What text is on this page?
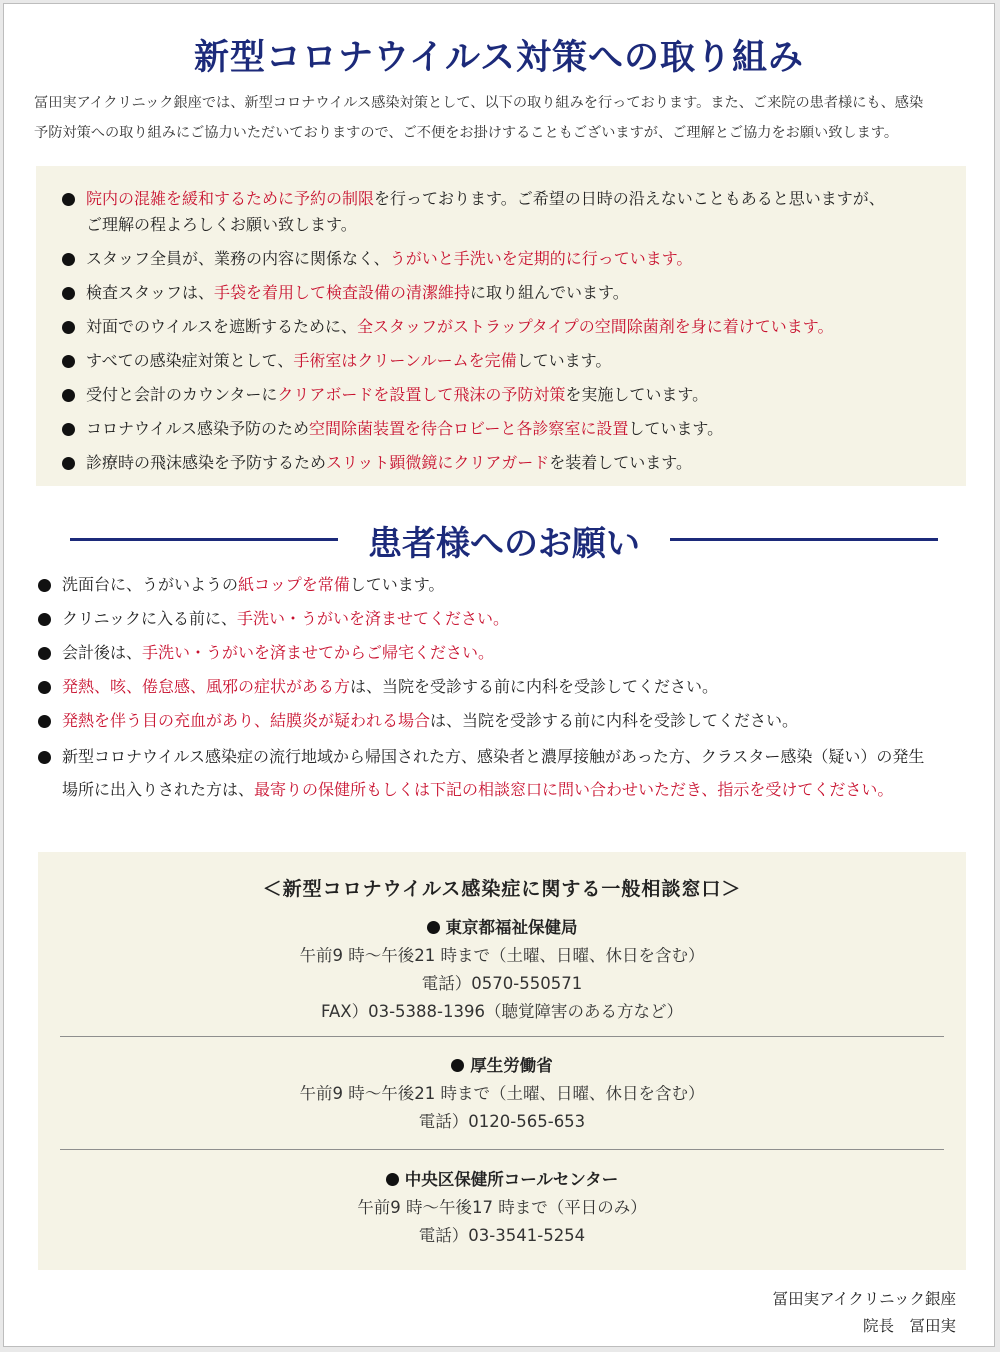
新型コロナウイルス対策への取り組み
冨田実アイクリニック銀座では、新型コロナウイルス感染対策として、以下の取り組みを行っております。また、ご来院の患者様にも、感染
予防対策への取り組みにご協力いただいておりますので、ご不便をお掛けすることもございますが、ご理解とご協力をお願い致します。
院内の混雑を緩和するために予約の制限を行っております。ご希望の日時の沿えないこともあると思いますが、
ご理解の程よろしくお願い致します。
スタッフ全員が、業務の内容に関係なく、うがいと手洗いを定期的に行っています。
検査スタッフは、手袋を着用して検査設備の清潔維持に取り組んでいます。
対面でのウイルスを遮断するために、全スタッフがストラップタイプの空間除菌剤を身に着けています。
すべての感染症対策として、手術室はクリーンルームを完備しています。
受付と会計のカウンターにクリアボードを設置して飛沫の予防対策を実施しています。
コロナウイルス感染予防のため空間除菌装置を待合ロビーと各診察室に設置しています。
診療時の飛沫感染を予防するためスリット顕微鏡にクリアガードを装着しています。
患者様へのお願い
洗面台に、うがいようの紙コップを常備しています。
クリニックに入る前に、手洗い・うがいを済ませてください。
会計後は、手洗い・うがいを済ませてからご帰宅ください。
発熱、咳、倦怠感、風邪の症状がある方は、当院を受診する前に内科を受診してください。
発熱を伴う目の充血があり、結膜炎が疑われる場合は、当院を受診する前に内科を受診してください。
新型コロナウイルス感染症の流行地域から帰国された方、感染者と濃厚接触があった方、クラスター感染（疑い）の発生
場所に出入りされた方は、最寄りの保健所もしくは下記の相談窓口に問い合わせいただき、指示を受けてください。
＜新型コロナウイルス感染症に関する一般相談窓口＞
東京都福祉保健局
午前9 時～午後21 時まで（土曜、日曜、休日を含む）
電話）0570-550571
FAX）03-5388-1396（聴覚障害のある方など）
厚生労働省
午前9 時～午後21 時まで（土曜、日曜、休日を含む）
電話）0120-565-653
中央区保健所コールセンター
午前9 時～午後17 時まで（平日のみ）
電話）03-3541-5254
冨田実アイクリニック銀座
院長　冨田実
